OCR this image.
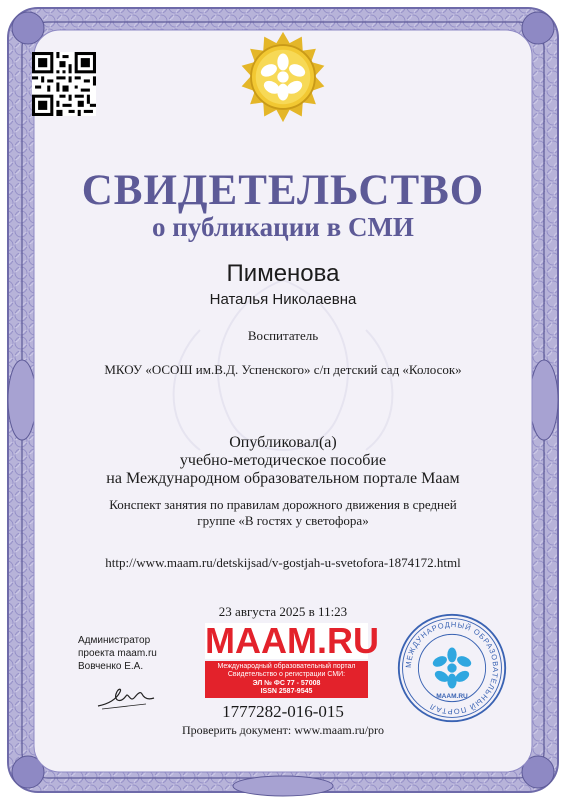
СВИДЕТЕЛЬСТВО
о публикации в СМИ
Пименова
Наталья Николаевна
Воспитатель
МКОУ «ОСОШ им.В.Д. Успенского» с/п детский сад «Колосок»
Опубликовал(а)
учебно-методическое пособие
на Международном образовательном портале Маам
Конспект занятия по правилам дорожного движения в средней
группе «В гостях у светофора»
http://www.maam.ru/detskijsad/v-gostjah-u-svetofora-1874172.html
23 августа 2025 в 11:23
Администратор
проекта maam.ru
Вовченко Е.А.
MAAM.RU
Международный образовательный портал
Свидетельство о регистрации СМИ:
ЭЛ № ФС 77 - 57008
ISSN 2587-9545
МЕЖДУНАРОДНЫЙ ОБРАЗОВАТЕЛЬНЫЙ ПОРТАЛ
MAAM.RU
1777282-016-015
Проверить документ: www.maam.ru/pro
